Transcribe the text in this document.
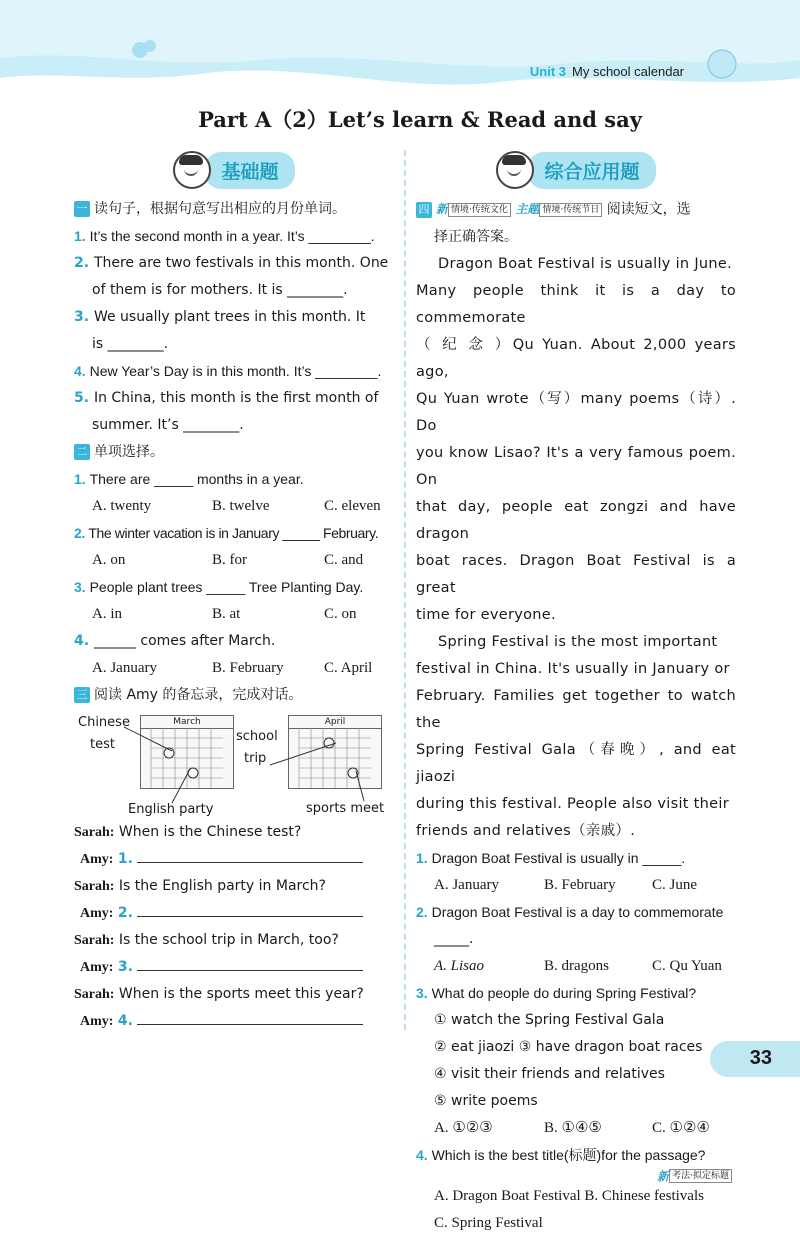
Unit 3 My school calendar
Part A（2）Let’s learn & Read and say
基础题
一 读句子，根据句意写出相应的月份单词。
1. It’s the second month in a year. It’s ________.
2. There are two festivals in this month. One
of them is for mothers. It is ________.
3. We usually plant trees in this month. It
is ________.
4. New Year’s Day is in this month. It’s ________.
5. In China, this month is the first month of
summer. It’s ________.
二 单项选择。
1. There are _____ months in a year.
A. twenty	B. twelve	C. eleven
2. The winter vacation is in January _____ February.
A. on	B. for	C. and
3. People plant trees _____ Tree Planting Day.
A. in	B. at	C. on
4. ______ comes after March.
A. January	B. February	C. April
三 阅读 Amy 的备忘录，完成对话。
March	April
Chinese
test
school
trip
English party	sports meet
Sarah: When is the Chinese test?
Amy: 1.
Sarah: Is the English party in March?
Amy: 2.
Sarah: Is the school trip in March, too?
Amy: 3.
Sarah: When is the sports meet this year?
Amy: 4.
综合应用题
四 新 情境·传统文化 主题 情境·传统节日 阅读短文，选
择正确答案。
Dragon Boat Festival is usually in June.
Many people think it is a day to commemorate
（ 纪 念 ）Qu Yuan. About 2,000 years ago,
Qu Yuan wrote（写）many poems（诗）. Do
you know Lisao? It's a very famous poem. On
that day, people eat zongzi and have dragon
boat races. Dragon Boat Festival is a great
time for everyone.
Spring Festival is the most important
festival in China. It's usually in January or
February. Families get together to watch the
Spring Festival Gala（春晚）, and eat jiaozi
during this festival. People also visit their
friends and relatives（亲戚）.
1. Dragon Boat Festival is usually in _____.
A. January	B. February	C. June
2. Dragon Boat Festival is a day to commemorate
_____.
A. Lisao	B. dragons	C. Qu Yuan
3. What do people do during Spring Festival?
① watch the Spring Festival Gala
② eat jiaozi ③ have dragon boat races
④ visit their friends and relatives
⑤ write poems
A. ①②③	B. ①④⑤	C. ①②④
4. Which is the best title(标题)for the passage?
新 考法·拟定标题
A. Dragon Boat Festival B. Chinese festivals
C. Spring Festival
33
